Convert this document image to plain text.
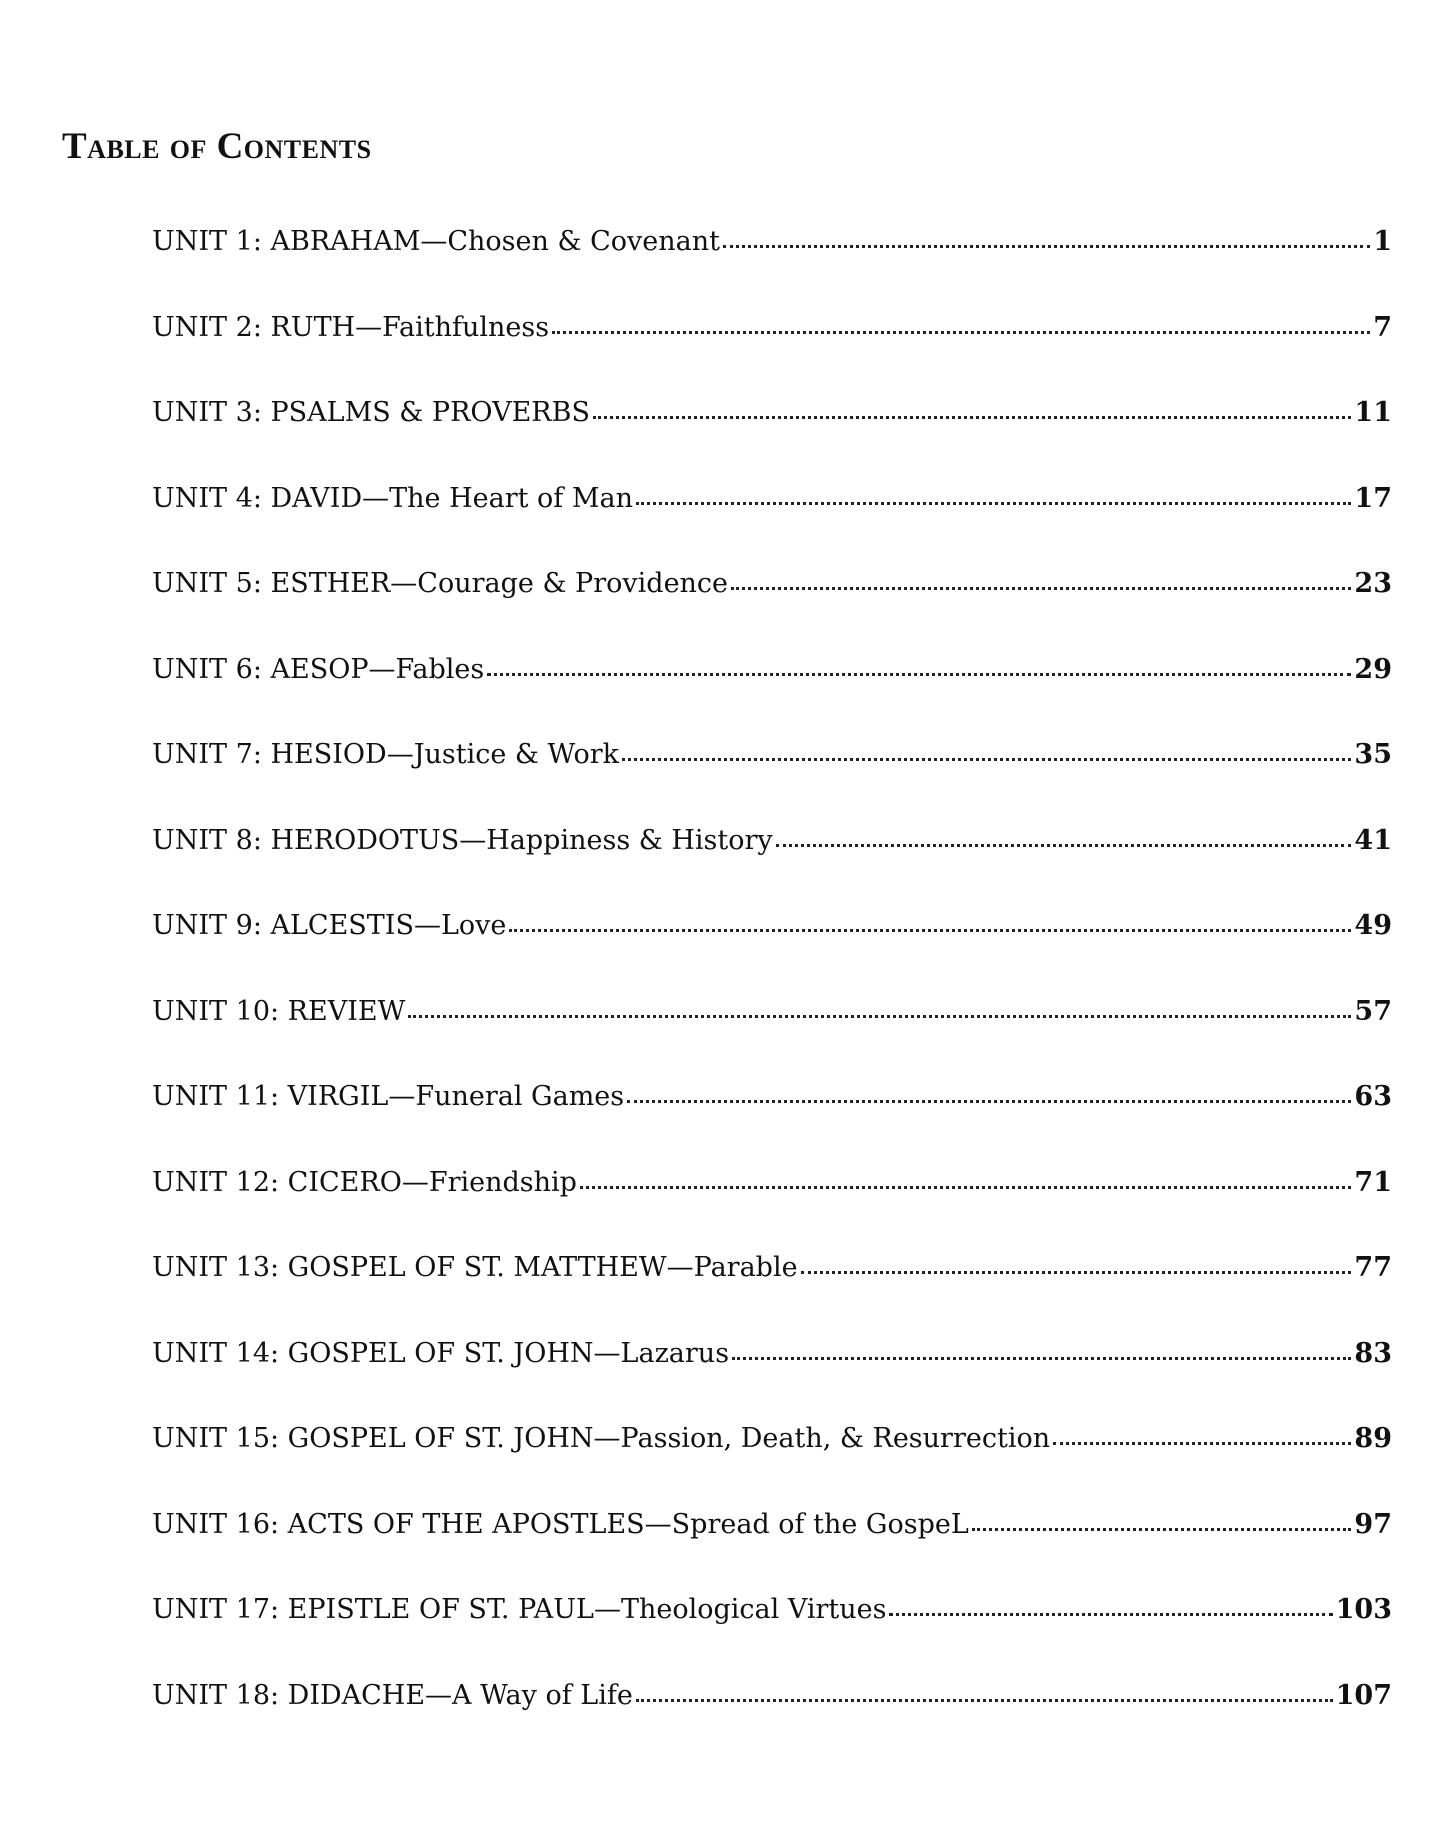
Table of Contents
UNIT 1: ABRAHAM—Chosen & Covenant	1
UNIT 2: RUTH—Faithfulness	7
UNIT 3: PSALMS & PROVERBS	11
UNIT 4: DAVID—The Heart of Man	17
UNIT 5: ESTHER—Courage & Providence	23
UNIT 6: AESOP—Fables	29
UNIT 7: HESIOD—Justice & Work	35
UNIT 8: HERODOTUS—Happiness & History	41
UNIT 9: ALCESTIS—Love	49
UNIT 10: REVIEW	57
UNIT 11: VIRGIL—Funeral Games	63
UNIT 12: CICERO—Friendship	71
UNIT 13: GOSPEL OF ST. MATTHEW—Parable	77
UNIT 14: GOSPEL OF ST. JOHN—Lazarus	83
UNIT 15: GOSPEL OF ST. JOHN—Passion, Death, & Resurrection	89
UNIT 16: ACTS OF THE APOSTLES—Spread of the GospeL	97
UNIT 17: EPISTLE OF ST. PAUL—Theological Virtues	103
UNIT 18: DIDACHE—A Way of Life	107
